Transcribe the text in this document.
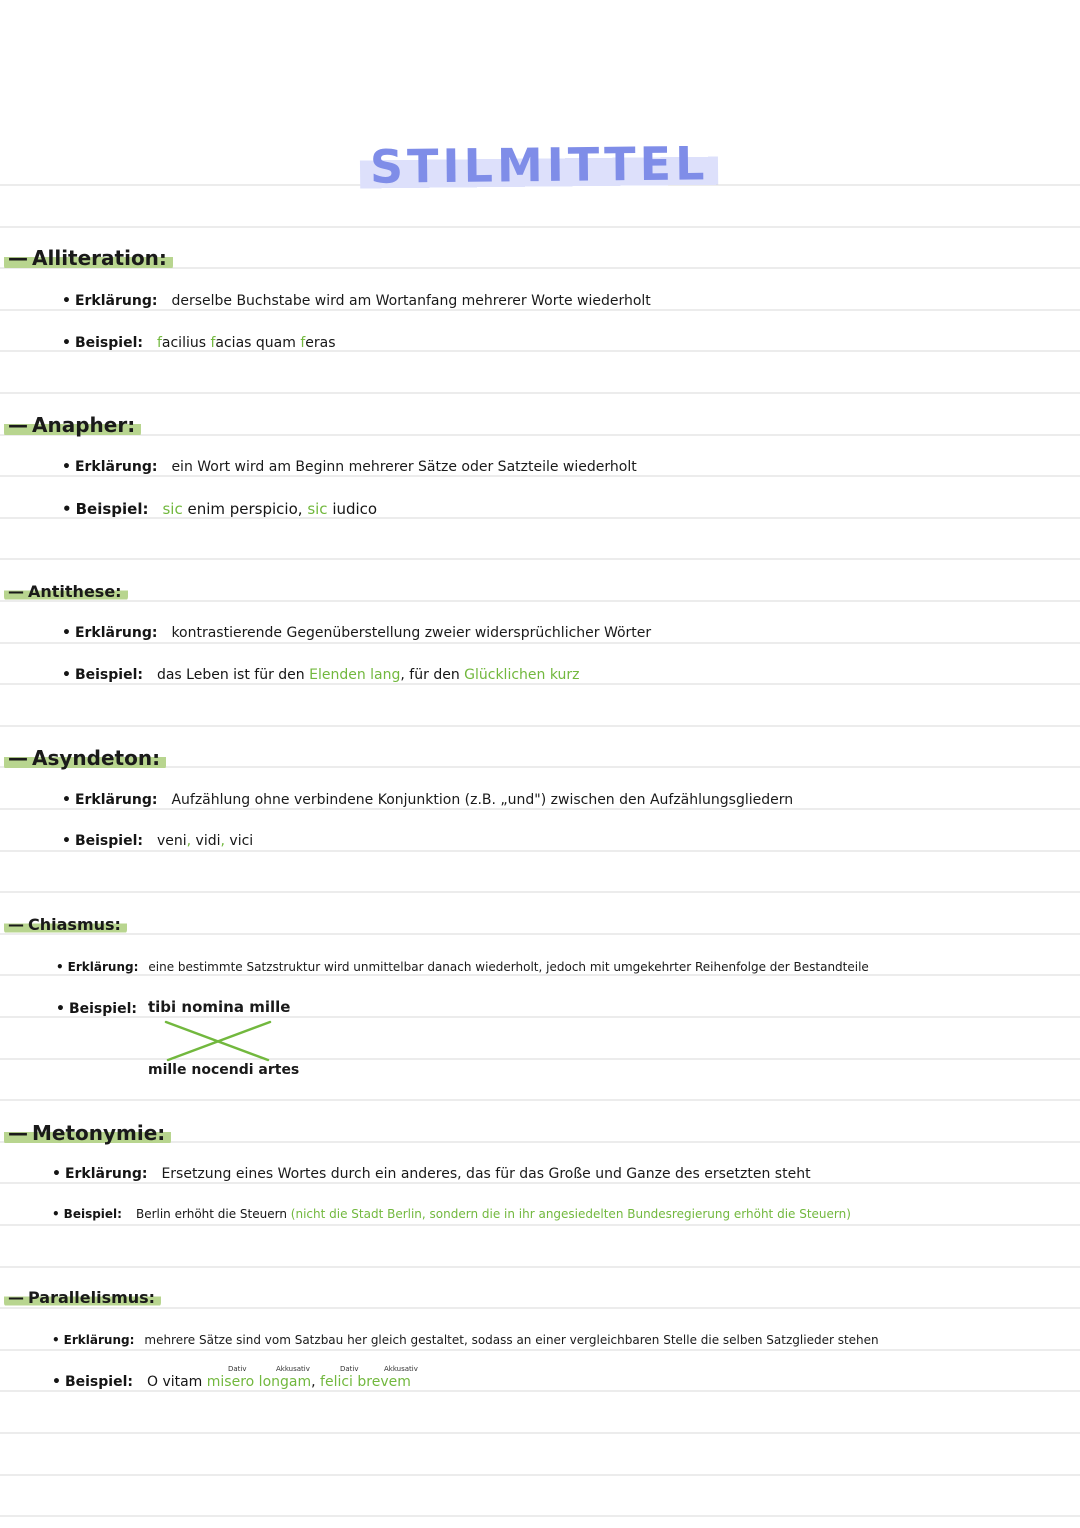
STILMITTEL
— Alliteration:
• Erklärung: derselbe Buchstabe wird am Wortanfang mehrerer Worte wiederholt
• Beispiel: facilius facias quam feras
— Anapher:
• Erklärung: ein Wort wird am Beginn mehrerer Sätze oder Satzteile wiederholt
• Beispiel: sic enim perspicio, sic iudico
— Antithese:
• Erklärung: kontrastierende Gegenüberstellung zweier widersprüchlicher Wörter
• Beispiel: das Leben ist für den Elenden lang, für den Glücklichen kurz
— Asyndeton:
• Erklärung: Aufzählung ohne verbindene Konjunktion (z.B. „und") zwischen den Aufzählungsgliedern
• Beispiel: veni, vidi, vici
— Chiasmus:
• Erklärung: eine bestimmte Satzstruktur wird unmittelbar danach wiederholt, jedoch mit umgekehrter Reihenfolge der Bestandteile
• Beispiel: tibi nomina mille
mille nocendi artes
— Metonymie:
• Erklärung: Ersetzung eines Wortes durch ein anderes, das für das Große und Ganze des ersetzten steht
• Beispiel: Berlin erhöht die Steuern (nicht die Stadt Berlin, sondern die in ihr angesiedelten Bundesregierung erhöht die Steuern)
— Parallelismus:
• Erklärung: mehrere Sätze sind vom Satzbau her gleich gestaltet, sodass an einer vergleichbaren Stelle die selben Satzglieder stehen
• Beispiel: O vitam misero longam, felici brevem
Dativ	Akkusativ	Dativ	Akkusativ
